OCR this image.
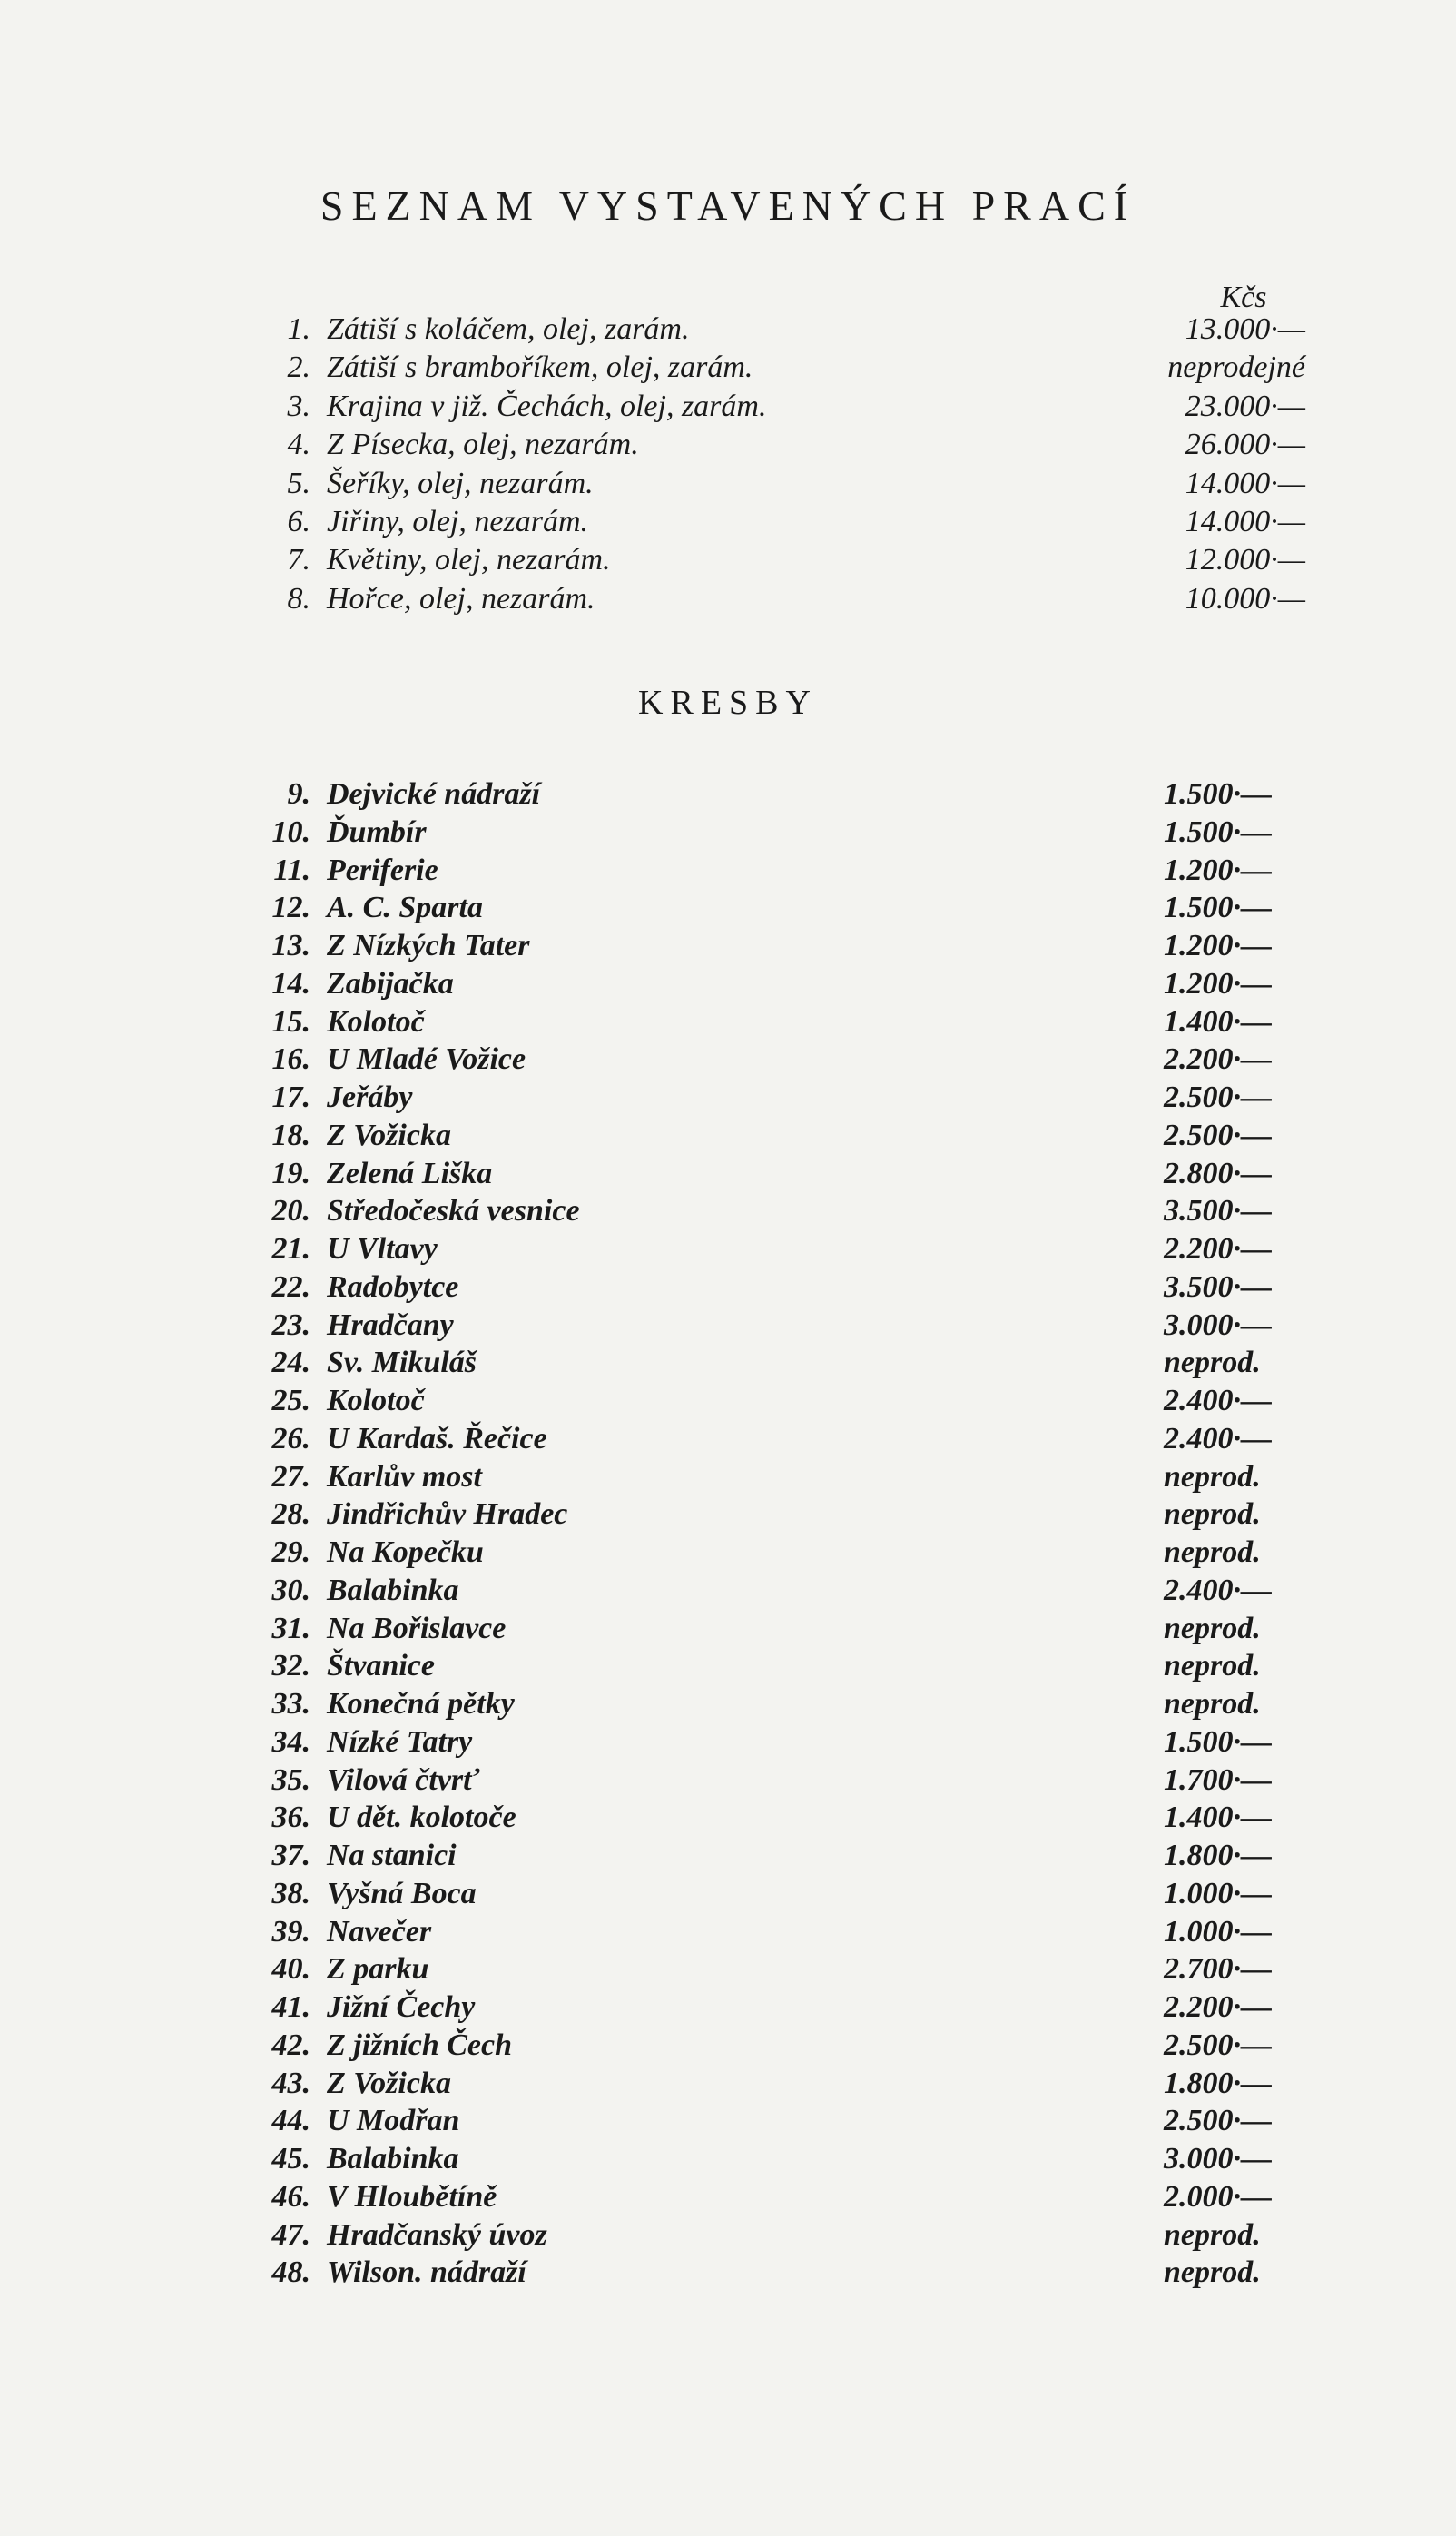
SEZNAM VYSTAVENÝCH PRACÍ
Kčs
1. Zátiší s koláčem, olej, zarám.	13.000·—
2. Zátiší s bramboříkem, olej, zarám.	neprodejné
3. Krajina v již. Čechách, olej, zarám.	23.000·—
4. Z Písecka, olej, nezarám.	26.000·—
5. Šeříky, olej, nezarám.	14.000·—
6. Jiřiny, olej, nezarám.	14.000·—
7. Květiny, olej, nezarám.	12.000·—
8. Hořce, olej, nezarám.	10.000·—
KRESBY
9. Dejvické nádraží	1.500·—
10. Ďumbír	1.500·—
11. Periferie	1.200·—
12. A. C. Sparta	1.500·—
13. Z Nízkých Tater	1.200·—
14. Zabijačka	1.200·—
15. Kolotoč	1.400·—
16. U Mladé Vožice	2.200·—
17. Jeřáby	2.500·—
18. Z Vožicka	2.500·—
19. Zelená Liška	2.800·—
20. Středočeská vesnice	3.500·—
21. U Vltavy	2.200·—
22. Radobytce	3.500·—
23. Hradčany	3.000·—
24. Sv. Mikuláš	neprod.
25. Kolotoč	2.400·—
26. U Kardaš. Řečice	2.400·—
27. Karlův most	neprod.
28. Jindřichův Hradec	neprod.
29. Na Kopečku	neprod.
30. Balabinka	2.400·—
31. Na Bořislavce	neprod.
32. Štvanice	neprod.
33. Konečná pětky	neprod.
34. Nízké Tatry	1.500·—
35. Vilová čtvrť	1.700·—
36. U dět. kolotoče	1.400·—
37. Na stanici	1.800·—
38. Vyšná Boca	1.000·—
39. Navečer	1.000·—
40. Z parku	2.700·—
41. Jižní Čechy	2.200·—
42. Z jižních Čech	2.500·—
43. Z Vožicka	1.800·—
44. U Modřan	2.500·—
45. Balabinka	3.000·—
46. V Hloubětíně	2.000·—
47. Hradčanský úvoz	neprod.
48. Wilson. nádraží	neprod.
